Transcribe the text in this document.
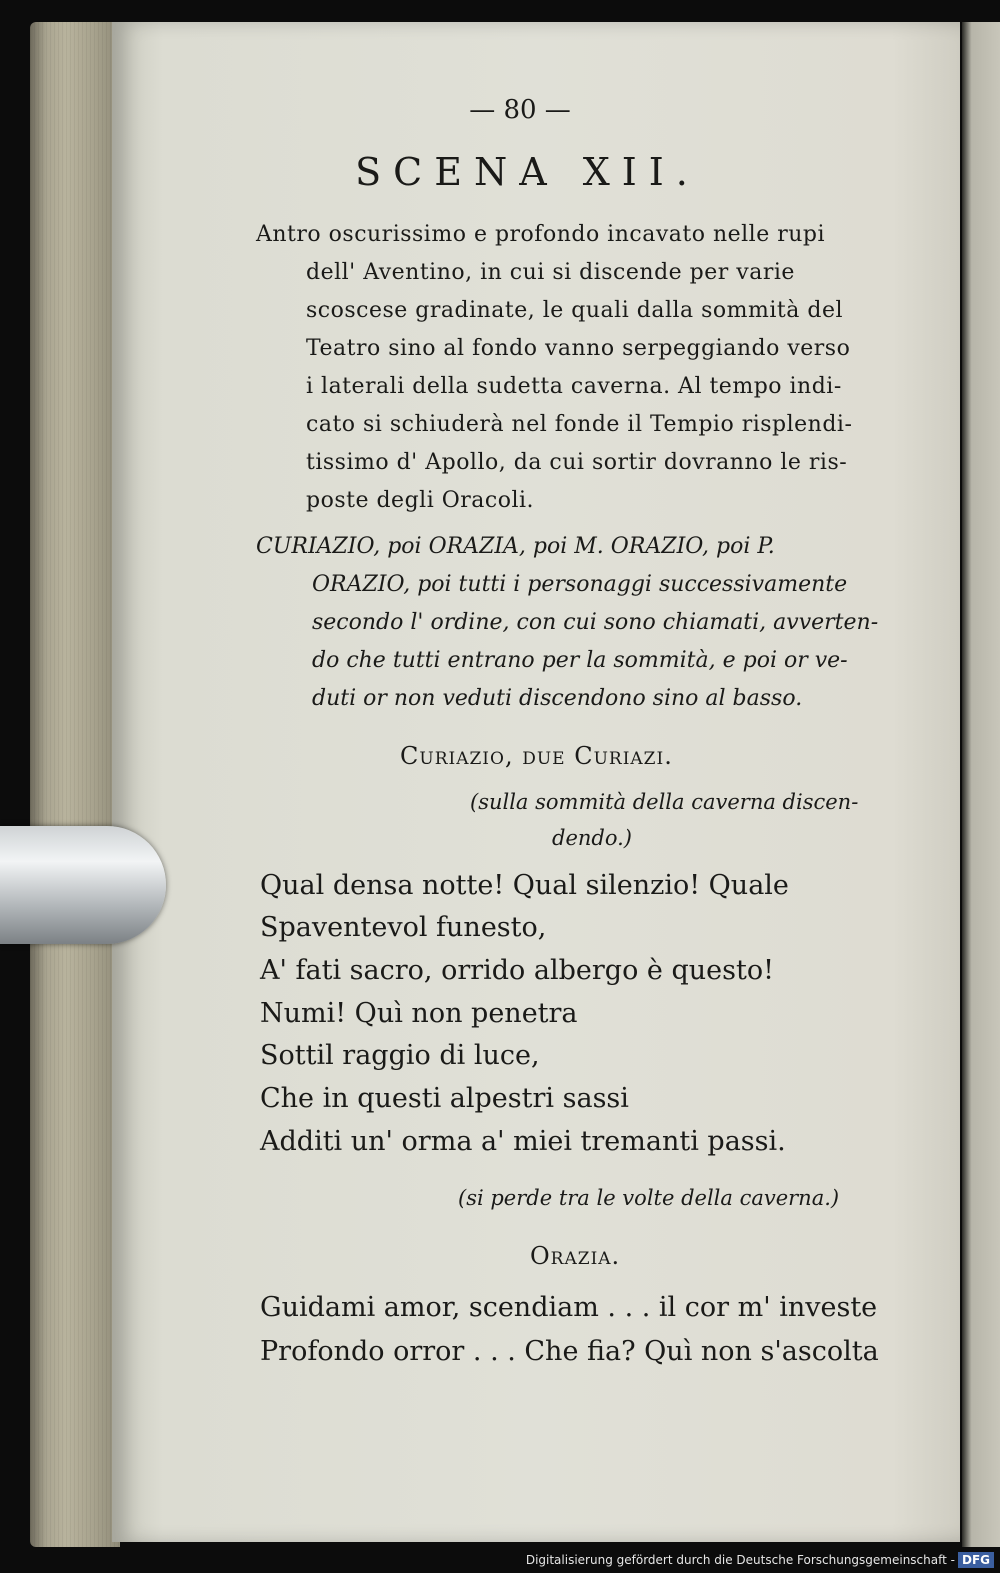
— 80 —
SCENA XII.
Antro oscurissimo e profondo incavato nelle rupi
dell' Aventino, in cui si discende per varie
scoscese gradinate, le quali dalla sommità del
Teatro sino al fondo vanno serpeggiando verso
i laterali della sudetta caverna. Al tempo indi-
cato si schiuderà nel fonde il Tempio risplendi-
tissimo d' Apollo, da cui sortir dovranno le ris-
poste degli Oracoli.
CURIAZIO, poi ORAZIA, poi M. ORAZIO, poi P.
ORAZIO, poi tutti i personaggi successivamente
secondo l' ordine, con cui sono chiamati, avverten-
do che tutti entrano per la sommità, e poi or ve-
duti or non veduti discendono sino al basso.
Curiazio, due Curiazi.
(sulla sommità della caverna discen-
dendo.)
Qual densa notte! Qual silenzio! Quale
Spaventevol funesto,
A' fati sacro, orrido albergo è questo!
Numi! Quì non penetra
Sottil raggio di luce,
Che in questi alpestri sassi
Additi un' orma a' miei tremanti passi.
(si perde tra le volte della caverna.)
Orazia.
Guidami amor, scendiam . . . il cor m' investe
Profondo orror . . . Che fia? Quì non s'ascolta
Digitalisierung gefördert durch die Deutsche Forschungsgemeinschaft - DFG
